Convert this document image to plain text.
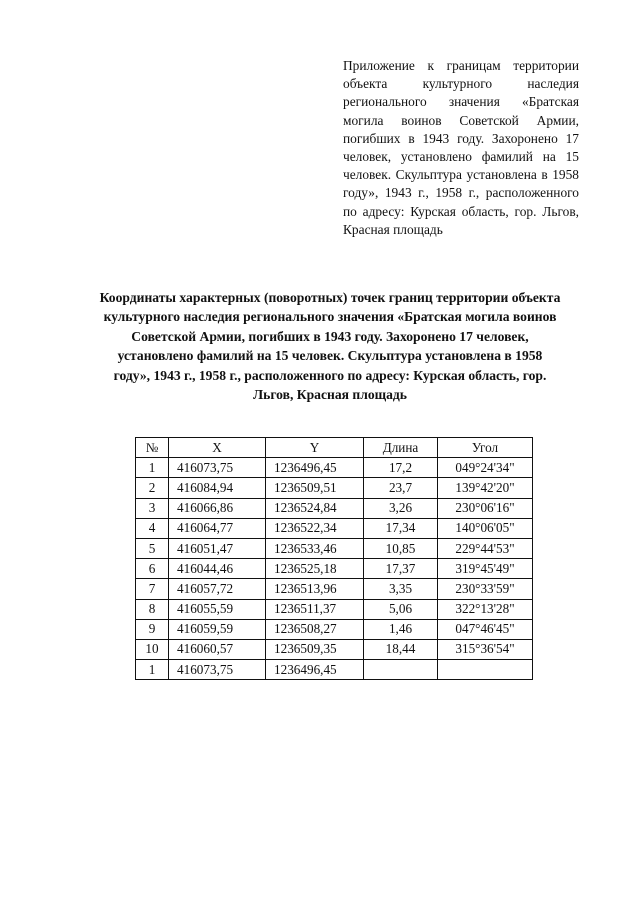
Приложение к границам территории объекта культурного наследия регионального значения «Братская могила воинов Советской Армии, погибших в 1943 году. Захоронено 17 человек, установлено фамилий на 15 человек. Скульптура установлена в 1958 году», 1943 г., 1958 г., расположенного по адресу: Курская область, гор. Льгов, Красная площадь
Координаты характерных (поворотных) точек границ территории объекта культурного наследия регионального значения «Братская могила воинов Советской Армии, погибших в 1943 году. Захоронено 17 человек, установлено фамилий на 15 человек. Скульптура установлена в 1958 году», 1943 г., 1958 г., расположенного по адресу: Курская область, гор. Льгов, Красная площадь
№	X	Y	Длина	Угол
1	416073,75	1236496,45	17,2	049°24'34"
2	416084,94	1236509,51	23,7	139°42'20"
3	416066,86	1236524,84	3,26	230°06'16"
4	416064,77	1236522,34	17,34	140°06'05"
5	416051,47	1236533,46	10,85	229°44'53"
6	416044,46	1236525,18	17,37	319°45'49"
7	416057,72	1236513,96	3,35	230°33'59"
8	416055,59	1236511,37	5,06	322°13'28"
9	416059,59	1236508,27	1,46	047°46'45"
10	416060,57	1236509,35	18,44	315°36'54"
1	416073,75	1236496,45		
